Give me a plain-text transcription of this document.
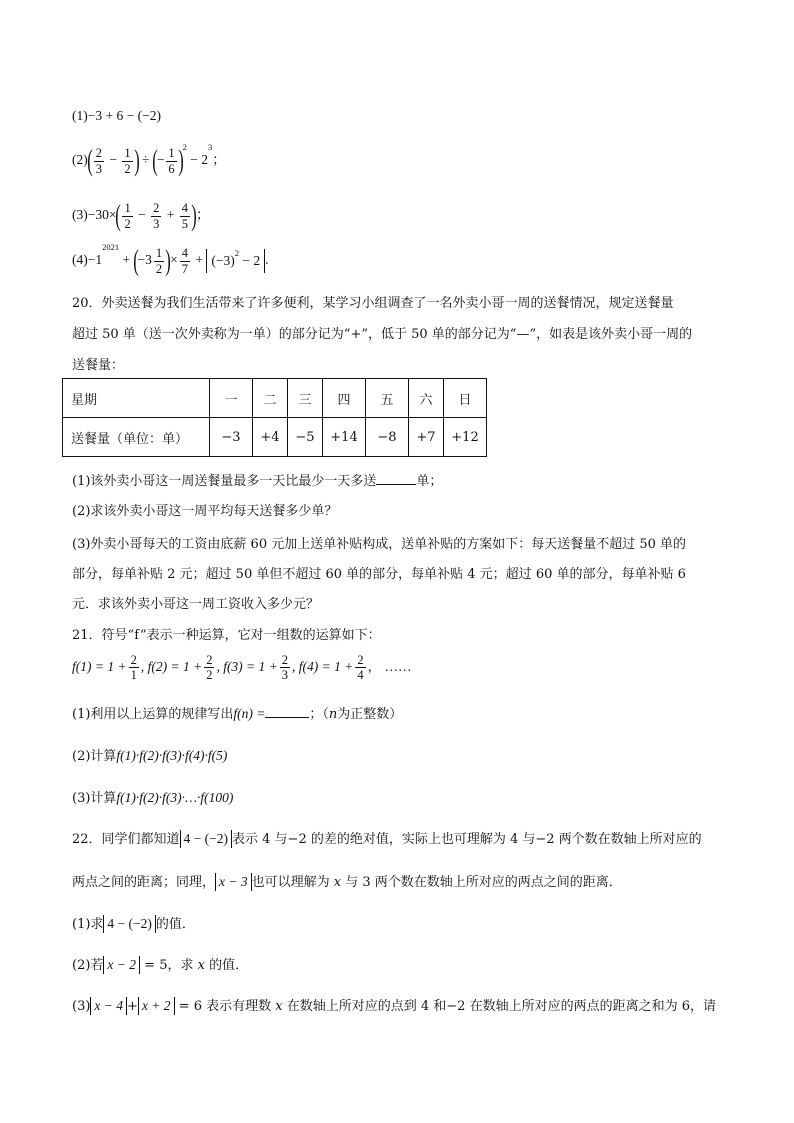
(1)−3 + 6 − (−2)
$(2)( \frac{2}{3} - \frac{1}{2}$ ) ÷ (− $\frac{1}{6} )^2 - 2^3$；
$(3)-30\times( \frac{1}{2} - \frac{2}{3} + \frac{4}{5}$ )；
$(4)-1^{2021} + (-3 \frac{1}{2}$ )× $\frac{4}{7} + (-3)^2 - 2$ .
20．外卖送餐为我们生活带来了许多便利，某学习小组调查了一名外卖小哥一周的送餐情况，规定送餐量
超过 50 单（送一次外卖称为一单）的部分记为“+”，低于 50 单的部分记为“—”，如表是该外卖小哥一周的
送餐量：
星期	一	二	三	四	五	六	日
送餐量（单位：单）	−3	+4	−5	+14	−8	+7	+12
(1)该外卖小哥这一周送餐量最多一天比最少一天多送	单；
(2)求该外卖小哥这一周平均每天送餐多少单？
(3)外卖小哥每天的工资由底薪 60 元加上送单补贴构成，送单补贴的方案如下：每天送餐量不超过 50 单的
部分，每单补贴 2 元；超过 50 单但不超过 60 单的部分，每单补贴 4 元；超过 60 单的部分，每单补贴 6
元．求该外卖小哥这一周工资收入多少元？
21．符号“f”表示一种运算，它对一组数的运算如下：
$f(1) = 1 + \frac{2}{1}$ , $f(2) = 1 + \frac{2}{2}$ , $f(3) = 1 + \frac{2}{3}$ , $f(4) = 1 + \frac{2}{4}$ ， ……
(1)利用以上运算的规律写出f(n) =	；（n为正整数）
(2)计算f(1)·f(2)·f(3)·f(4)·f(5)
(3)计算f(1)·f(2)·f(3)·…·f(100)
22．同学们都知道 4 − (−2) 表示 4 与−2 的差的绝对值，实际上也可理解为 4 与−2 两个数在数轴上所对应的
两点之间的距离；同理， x − 3 也可以理解为 x 与 3 两个数在数轴上所对应的两点之间的距离．
(1)求 4 − (−2) 的值．
(2)若 x − 2 = 5，求 x 的值．
(3) x − 4 + x + 2 = 6 表示有理数 x 在数轴上所对应的点到 4 和−2 在数轴上所对应的两点的距离之和为 6，请
